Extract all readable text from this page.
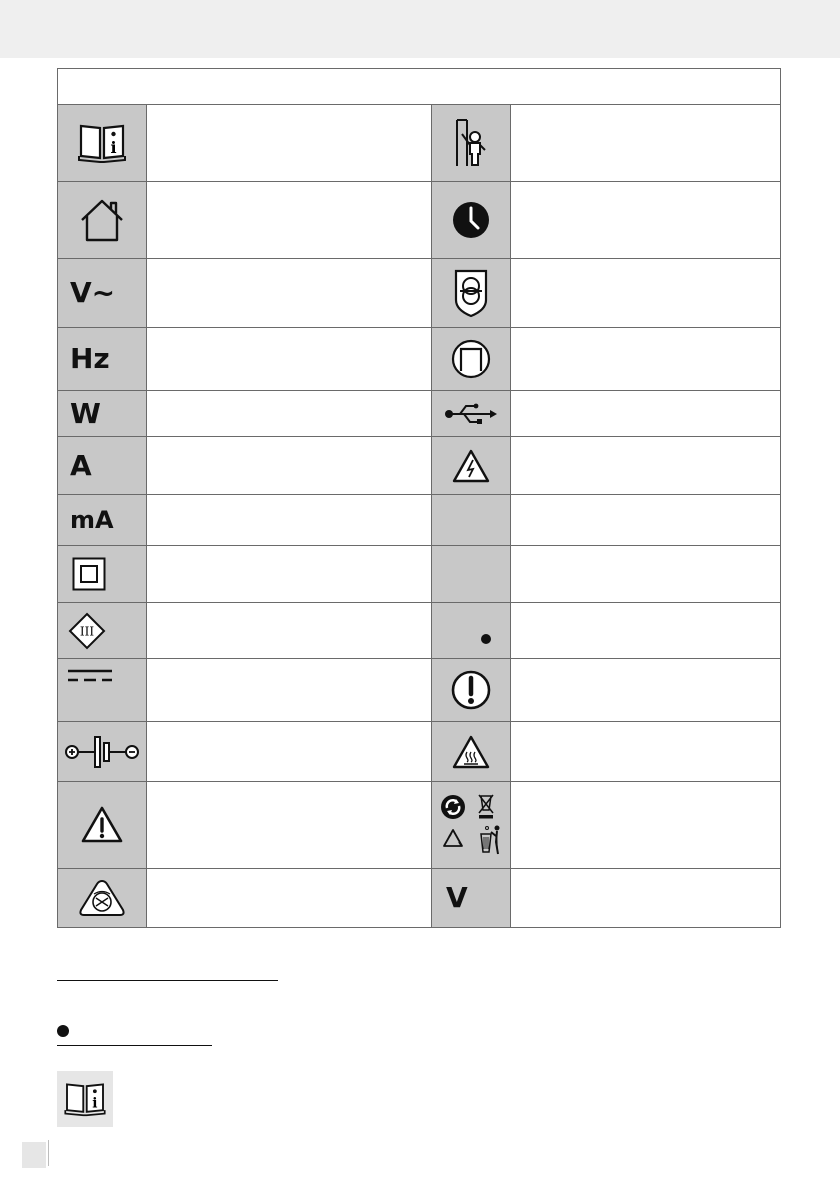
i
V~
Hz
W
A
mA
III
V
i
